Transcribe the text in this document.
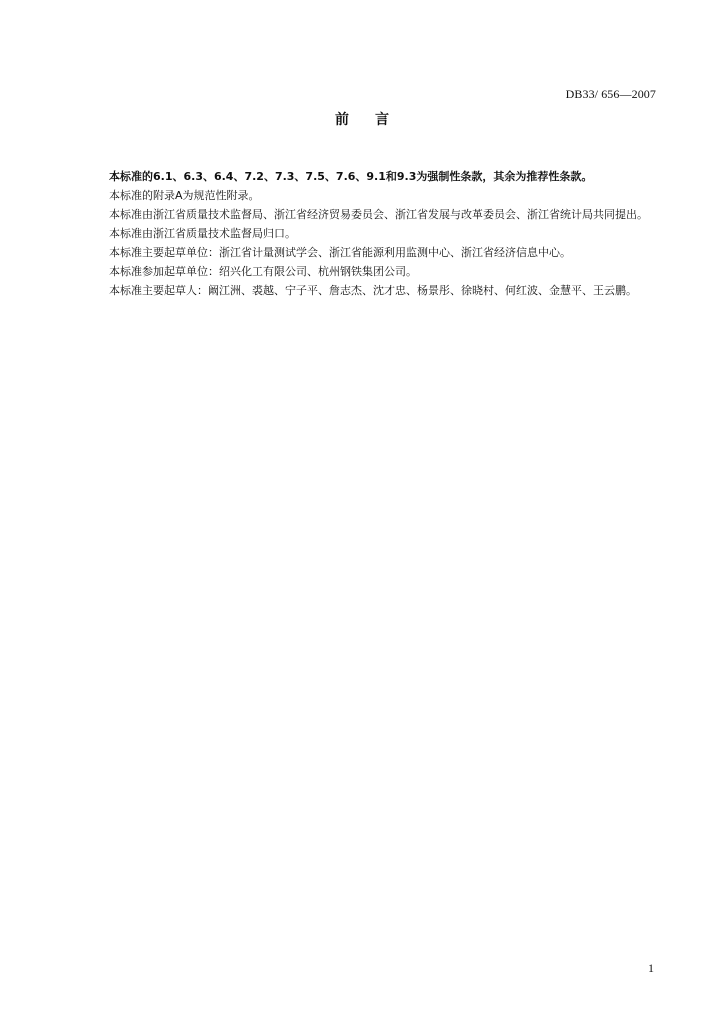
DB33/ 656—2007
前 言

本标准的6.1、6.3、6.4、7.2、7.3、7.5、7.6、9.1和9.3为强制性条款，其余为推荐性条款。

本标准的附录A为规范性附录。

本标准由浙江省质量技术监督局、浙江省经济贸易委员会、浙江省发展与改革委员会、浙江省统计局共同提出。

本标准由浙江省质量技术监督局归口。

本标准主要起草单位：浙江省计量测试学会、浙江省能源利用监测中心、浙江省经济信息中心。

本标准参加起草单位：绍兴化工有限公司、杭州钢铁集团公司。

本标准主要起草人：阚江洲、裘越、宁子平、詹志杰、沈才忠、杨景彤、徐晓村、何红波、金慧平、王云鹏。

1
